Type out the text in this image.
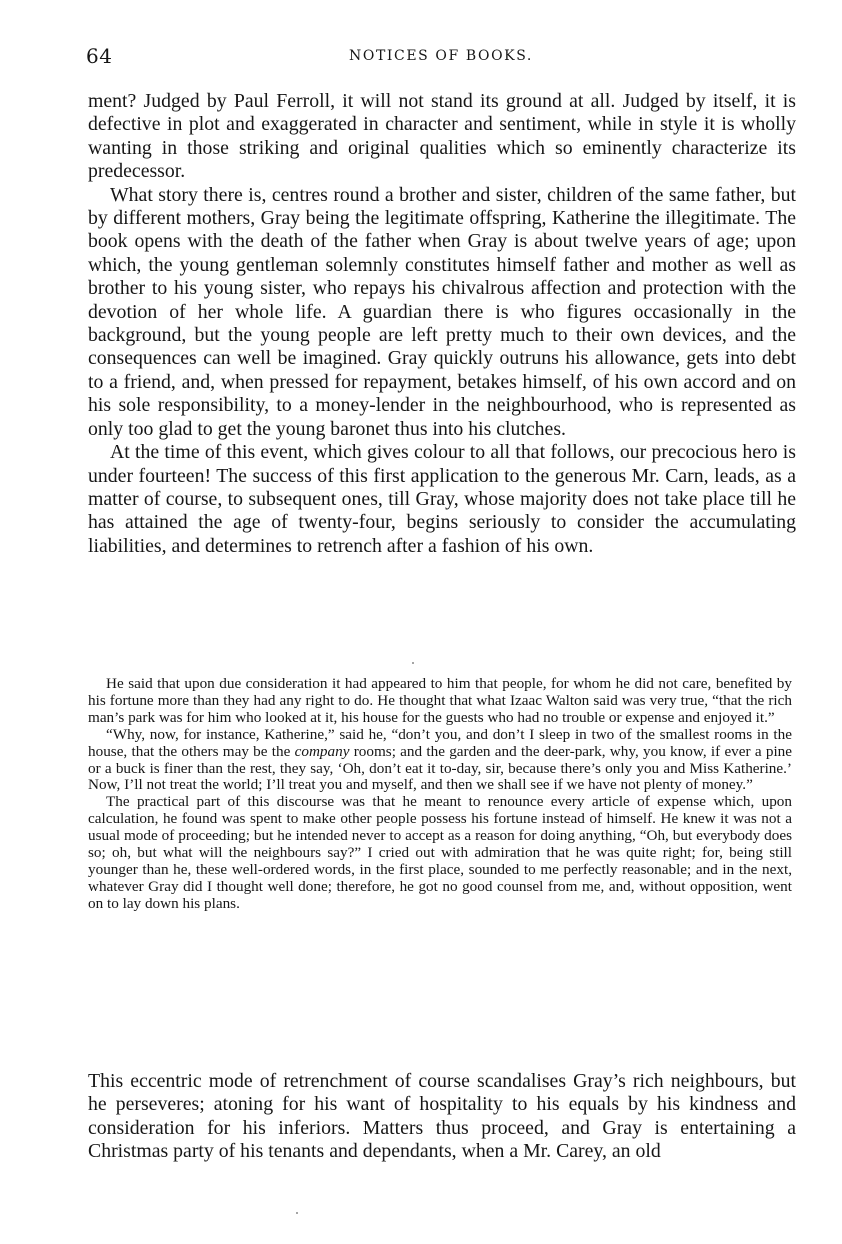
64	NOTICES OF BOOKS.

ment? Judged by Paul Ferroll, it will not stand its ground at all. Judged by itself, it is defective in plot and exaggerated in character and sentiment, while in style it is wholly wanting in those striking and original qualities which so eminently characterize its predecessor.

What story there is, centres round a brother and sister, children of the same father, but by different mothers, Gray being the legitimate offspring, Katherine the illegitimate. The book opens with the death of the father when Gray is about twelve years of age; upon which, the young gentleman solemnly constitutes himself father and mother as well as brother to his young sister, who repays his chivalrous affection and protection with the devotion of her whole life. A guardian there is who figures occasionally in the background, but the young people are left pretty much to their own devices, and the consequences can well be imagined. Gray quickly outruns his allowance, gets into debt to a friend, and, when pressed for repayment, betakes himself, of his own accord and on his sole responsibility, to a money-lender in the neighbourhood, who is represented as only too glad to get the young baronet thus into his clutches.

At the time of this event, which gives colour to all that follows, our precocious hero is under fourteen! The success of this first application to the generous Mr. Carn, leads, as a matter of course, to subsequent ones, till Gray, whose majority does not take place till he has attained the age of twenty-four, begins seriously to consider the accumulating liabilities, and determines to retrench after a fashion of his own.

He said that upon due consideration it had appeared to him that people, for whom he did not care, benefited by his fortune more than they had any right to do. He thought that what Izaac Walton said was very true, “that the rich man’s park was for him who looked at it, his house for the guests who had no trouble or expense and enjoyed it.”

“Why, now, for instance, Katherine,” said he, “don’t you, and don’t I sleep in two of the smallest rooms in the house, that the others may be the company rooms; and the garden and the deer-park, why, you know, if ever a pine or a buck is finer than the rest, they say, ‘Oh, don’t eat it to-day, sir, because there’s only you and Miss Katherine.’ Now, I’ll not treat the world; I’ll treat you and myself, and then we shall see if we have not plenty of money.”

The practical part of this discourse was that he meant to renounce every article of expense which, upon calculation, he found was spent to make other people possess his fortune instead of himself. He knew it was not a usual mode of proceeding; but he intended never to accept as a reason for doing anything, “Oh, but everybody does so; oh, but what will the neighbours say?” I cried out with admiration that he was quite right; for, being still younger than he, these well-ordered words, in the first place, sounded to me perfectly reasonable; and in the next, whatever Gray did I thought well done; therefore, he got no good counsel from me, and, without opposition, went on to lay down his plans.

This eccentric mode of retrenchment of course scandalises Gray’s rich neighbours, but he perseveres; atoning for his want of hospitality to his equals by his kindness and consideration for his inferiors. Matters thus proceed, and Gray is entertaining a Christmas party of his tenants and dependants, when a Mr. Carey, an old
